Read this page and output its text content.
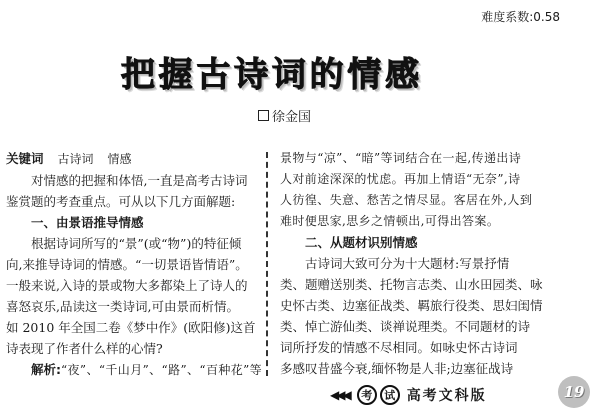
难度系数:0.58
把 握 古 诗 词 的 情 感
徐金国
关键词 古诗词 情感
对情感的把握和体悟,一直是高考古诗词
鉴赏题的考查重点。可从以下几方面解题:
一、由景语推导情感
根据诗词所写的“景”(或“物”)的特征倾
向,来推导诗词的情感。“一切景语皆情语”。
一般来说,入诗的景或物大多都染上了诗人的
喜怒哀乐,品读这一类诗词,可由景而析情。
如 2010 年全国二卷《梦中作》(欧阳修)这首
诗表现了作者什么样的心情?
解析:“夜”、“千山月”、“路”、“百种花”等
景物与“凉”、“暗”等词结合在一起,传递出诗
人对前途深深的忧虑。再加上情语“无奈”,诗
人彷徨、失意、愁苦之情尽显。客居在外,人到
难时便思家,思乡之情顿出,可得出答案。
二、从题材识别情感
古诗词大致可分为十大题材:写景抒情
类、题赠送别类、托物言志类、山水田园类、咏
史怀古类、边塞征战类、羁旅行役类、思妇闺情
类、悼亡游仙类、谈禅说理类。不同题材的诗
词所抒发的情感不尽相同。如咏史怀古诗词
多感叹昔盛今衰,缅怀物是人非;边塞征战诗
◀◀◀	考	试 高考文科版	19
